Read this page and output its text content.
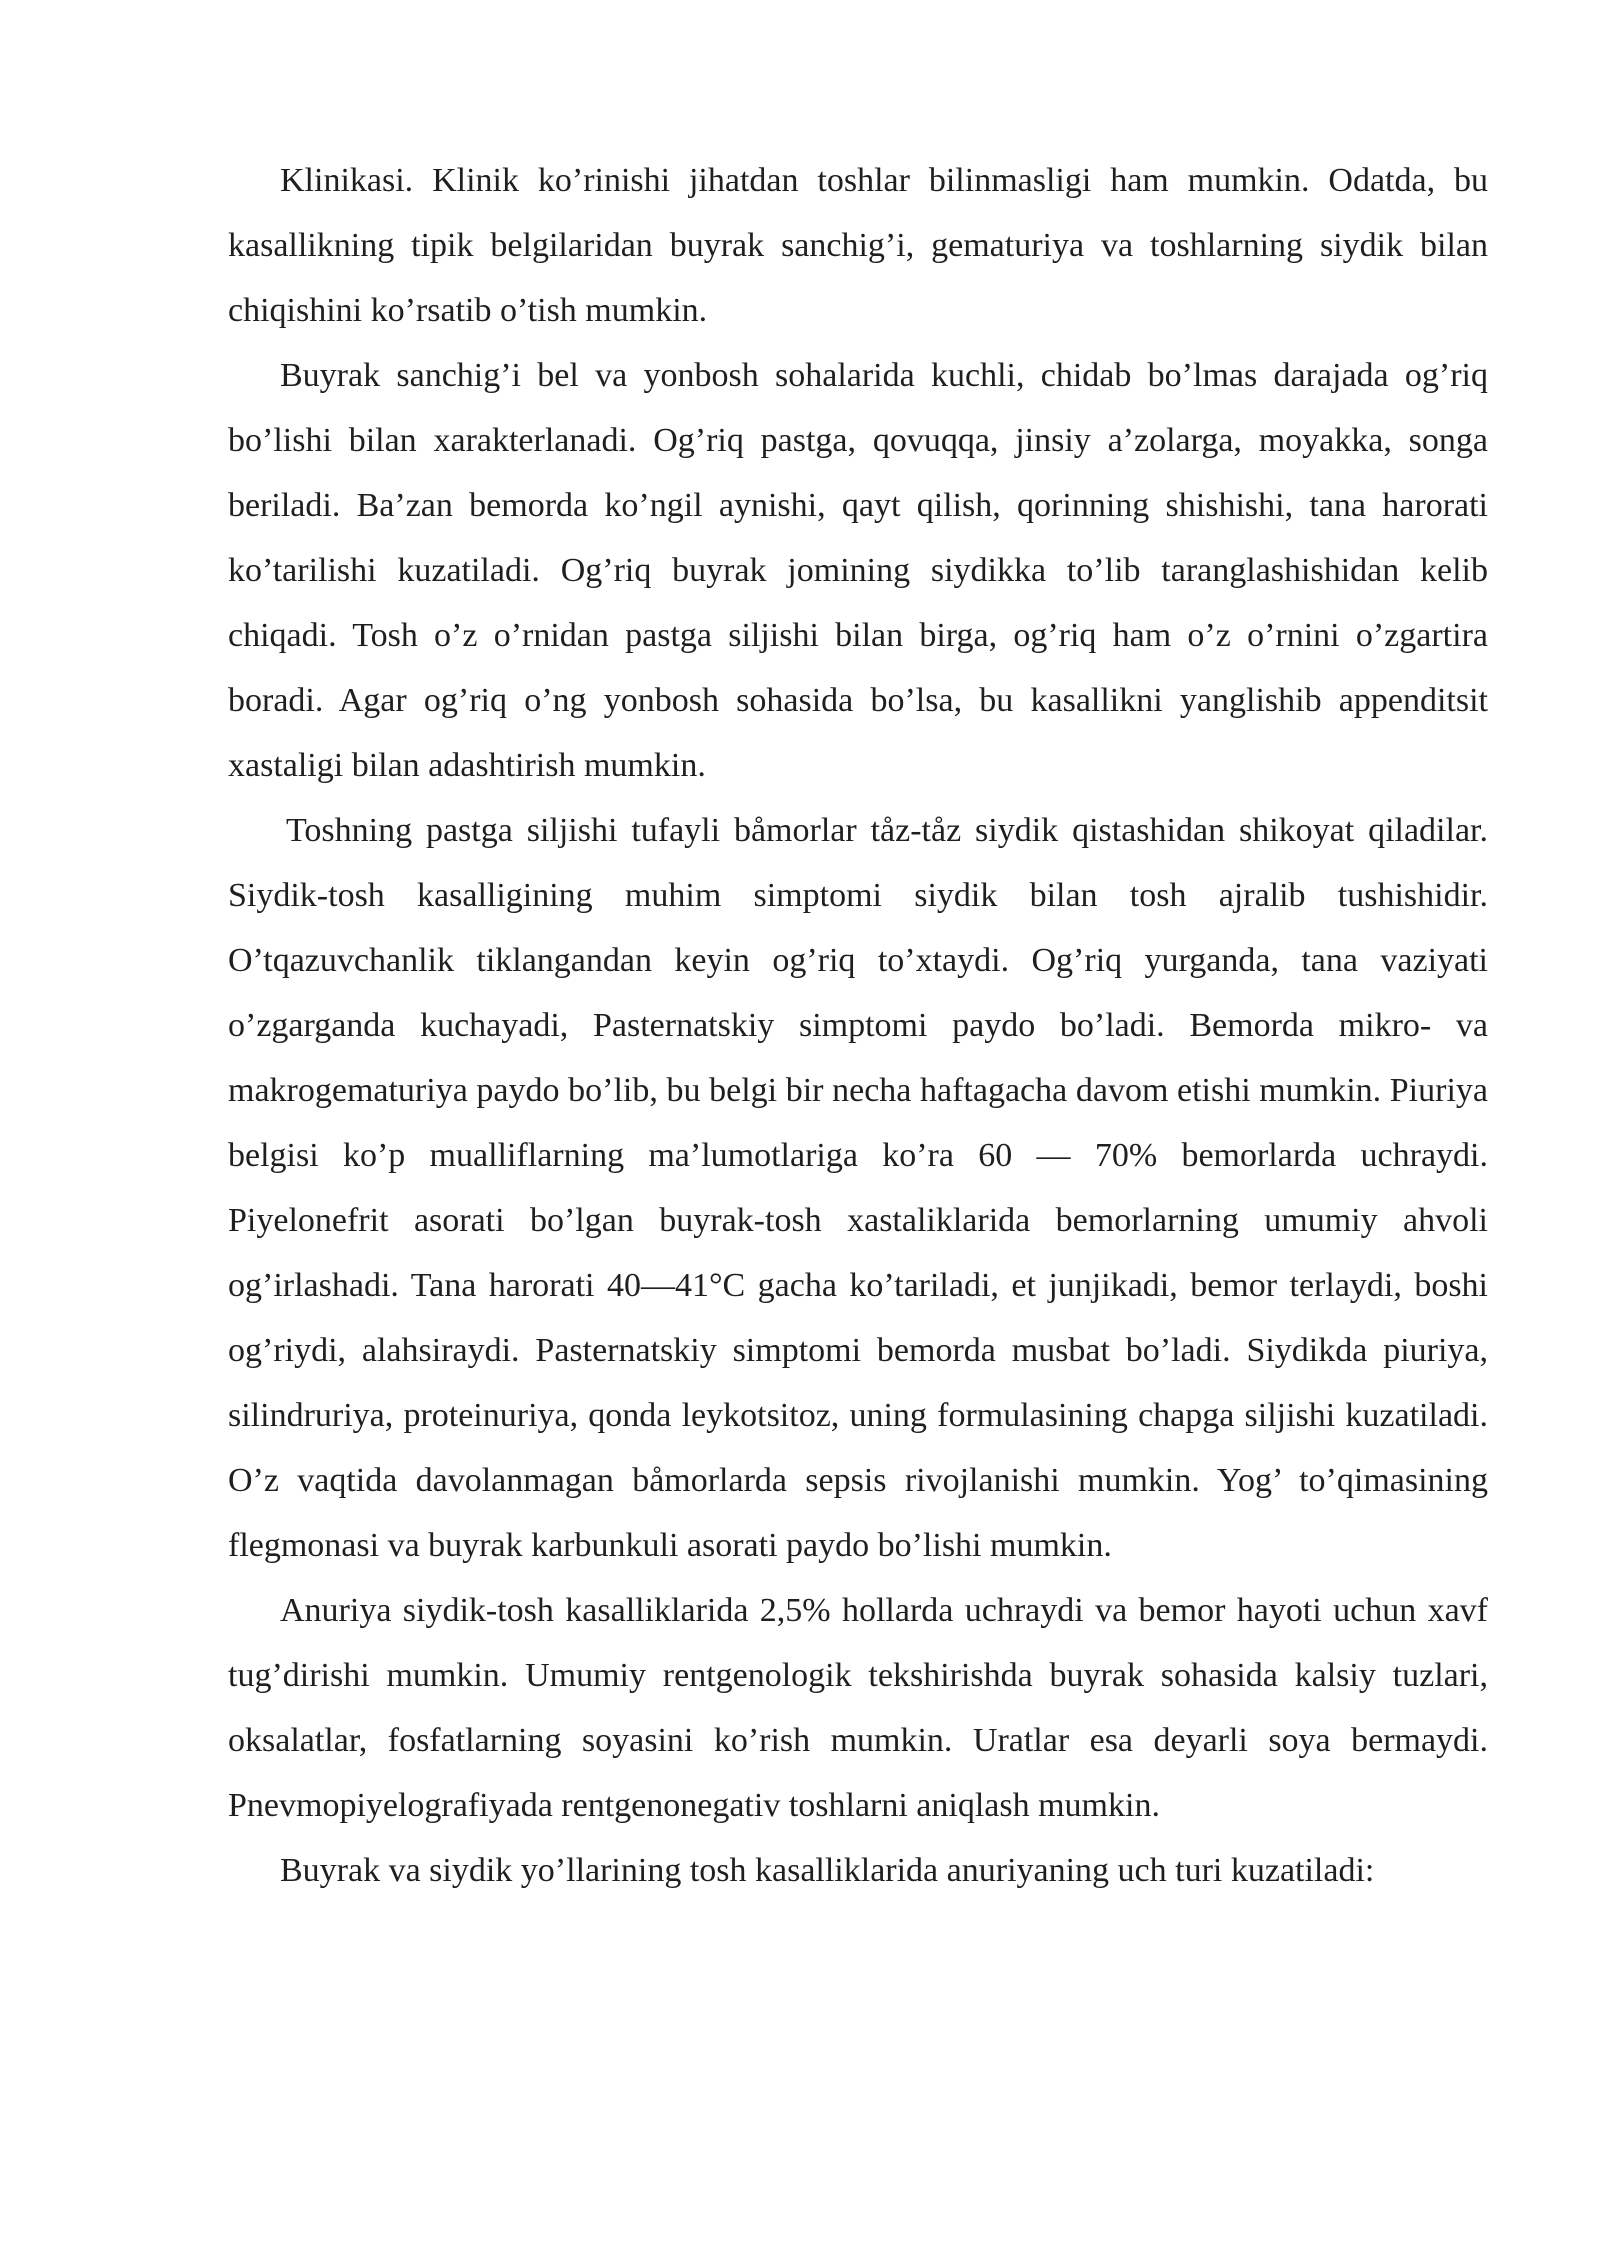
Klinikasi. Klinik ko’rinishi jihatdan toshlar bilinmasligi ham mumkin. Odatda, bu kasallikning tipik belgilaridan buyrak sanchig’i, gematuriya va toshlarning siydik bilan chiqishini ko’rsatib o’tish mumkin.

Buyrak sanchig’i bel va yonbosh sohalarida kuchli, chidab bo’lmas darajada og’riq bo’lishi bilan xarakterlanadi. Og’riq pastga, qovuqqa, jinsiy a’zolarga, moyakka, songa beriladi. Ba’zan bemorda ko’ngil aynishi, qayt qilish, qorinning shishishi, tana harorati ko’tarilishi kuzatiladi. Og’riq buyrak jomining siydikka to’lib taranglashishidan kelib chiqadi. Tosh o’z o’rnidan pastga siljishi bilan birga, og’riq ham o’z o’rnini o’zgartira boradi. Agar og’riq o’ng yonbosh sohasida bo’lsa, bu kasallikni yanglishib appenditsit xastaligi bilan adashtirish mumkin.

Toshning pastga siljishi tufayli båmorlar tåz-tåz siydik qistashidan shikoyat qiladilar. Siydik-tosh kasalligining muhim simptomi siydik bilan tosh ajralib tushishidir. O’tqazuvchanlik tiklangandan keyin og’riq to’xtaydi. Og’riq yurganda, tana vaziyati o’zgarganda kuchayadi, Pasternatskiy simptomi paydo bo’ladi. Bemorda mikro- va makrogematuriya paydo bo’lib, bu belgi bir necha haftagacha davom etishi mumkin. Piuriya belgisi ko’p mualliflarning ma’lumotlariga ko’ra 60 — 70% bemorlarda uchraydi. Piyelonefrit asorati bo’lgan buyrak-tosh xastaliklarida bemorlarning umumiy ahvoli og’irlashadi. Tana harorati 40—41°C gacha ko’tariladi, et junjikadi, bemor terlaydi, boshi og’riydi, alahsiraydi. Pasternatskiy simptomi bemorda musbat bo’ladi. Siydikda piuriya, silindruriya, proteinuriya, qonda leykotsitoz, uning formulasining chapga siljishi kuzatiladi. O’z vaqtida davolanmagan båmorlarda sepsis rivojlanishi mumkin. Yog’ to’qimasining flegmonasi va buyrak karbunkuli asorati paydo bo’lishi mumkin.

Anuriya siydik-tosh kasalliklarida 2,5% hollarda uchraydi va bemor hayoti uchun xavf tug’dirishi mumkin. Umumiy rentgenologik tekshirishda buyrak sohasida kalsiy tuzlari, oksalatlar, fosfatlarning soyasini ko’rish mumkin. Uratlar esa deyarli soya bermaydi. Pnevmopiyelografiyada rentgenonegativ toshlarni aniqlash mumkin.

Buyrak va siydik yo’llarining tosh kasalliklarida anuriyaning uch turi kuzatiladi:
